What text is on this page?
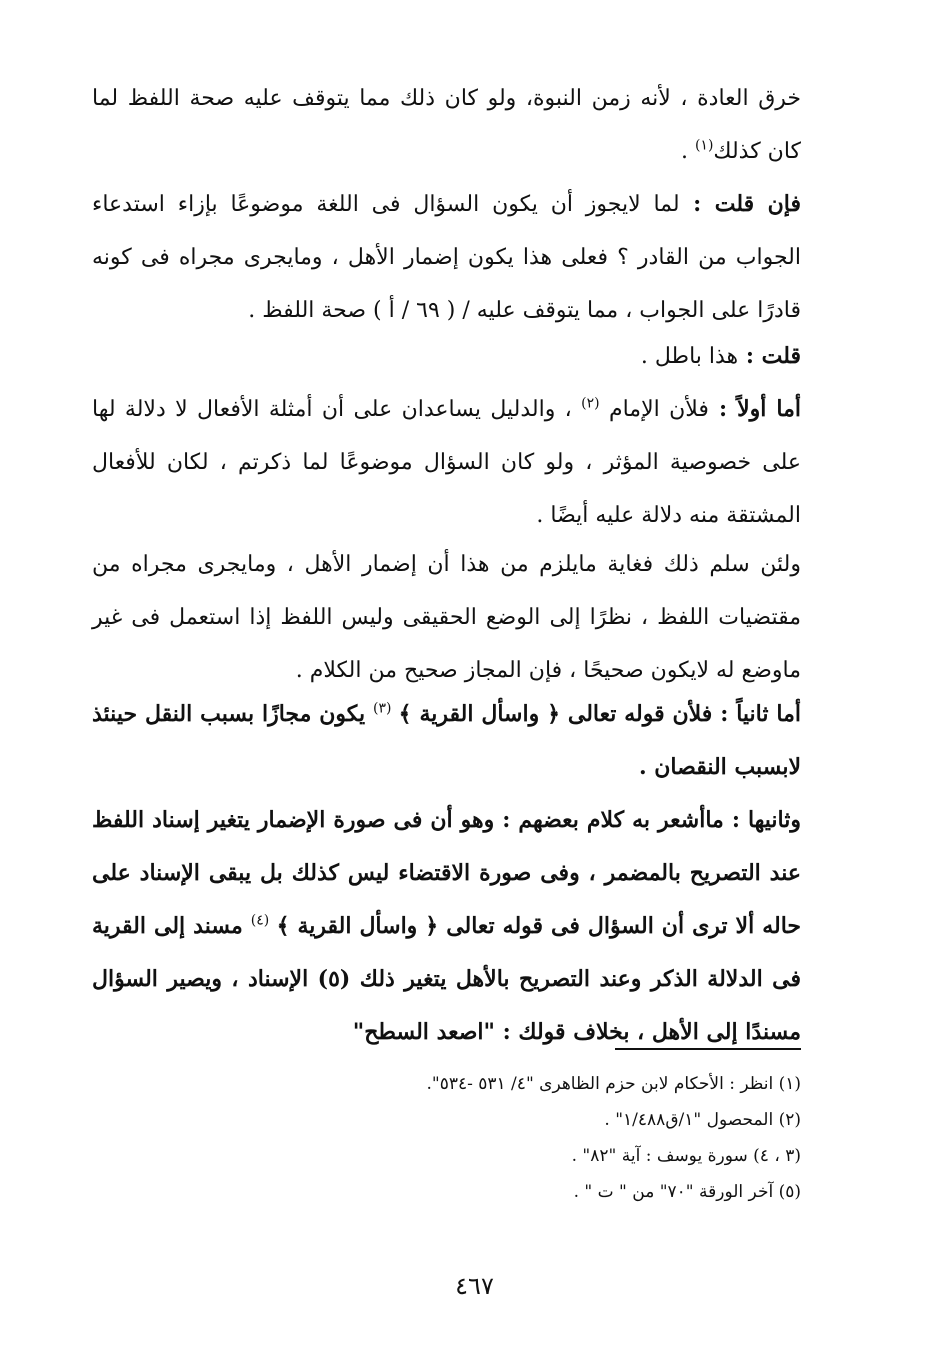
خرق العادة ، لأنه زمن النبوة، ولو كان ذلك مما يتوقف عليه صحة اللفظ لما كان كذلك$^{(١)}$ .

فإن قلت : لما لايجوز أن يكون السؤال فى اللغة موضوعًا بإزاء استدعاء الجواب من القادر ؟ فعلى هذا يكون إضمار الأهل ، ومايجرى مجراه فى كونه قادرًا على الجواب ، مما يتوقف عليه / ( ٦٩ / أ ) صحة اللفظ .

قلت : هذا باطل .

أما أولاً : فلأن الإمام $^{(٢)}$ ، والدليل يساعدان على أن أمثلة الأفعال لا دلالة لها على خصوصية المؤثر ، ولو كان السؤال موضوعًا لما ذكرتم ، لكان للأفعال المشتقة منه دلالة عليه أيضًا .

ولئن سلم ذلك فغاية مايلزم من هذا أن إضمار الأهل ، ومايجرى مجراه من مقتضيات اللفظ ، نظرًا إلى الوضع الحقيقى وليس اللفظ إذا استعمل فى غير ماوضع له لايكون صحيحًا ، فإن المجاز صحيح من الكلام .

أما ثانياً : فلأن قوله تعالى ﴿ واسأل القرية ﴾ $^{(٣)}$ يكون مجازًا بسبب النقل حينئذ لابسبب النقصان .

وثانيها : ماأشعر به كلام بعضهم : وهو أن فى صورة الإضمار يتغير إسناد اللفظ عند التصريح بالمضمر ، وفى صورة الاقتضاء ليس كذلك بل يبقى الإسناد على حاله ألا ترى أن السؤال فى قوله تعالى ﴿ واسأل القرية ﴾ $^{(٤)}$ مسند إلى القرية فى الدلالة الذكر وعند التصريح بالأهل يتغير ذلك (٥) الإسناد ، ويصير السؤال مسندًا إلى الأهل ، بخلاف قولك : "اصعد السطح"

(١) انظر : الأحكام لابن حزم الظاهرى "٤/ ٥٣١ -٥٣٤".

(٢) المحصول "١/ق١/٤٨٨" .

(٣ ، ٤) سورة يوسف : آية "٨٢" .

(٥) آخر الورقة "٧٠" من " ت " .

٤٦٧
